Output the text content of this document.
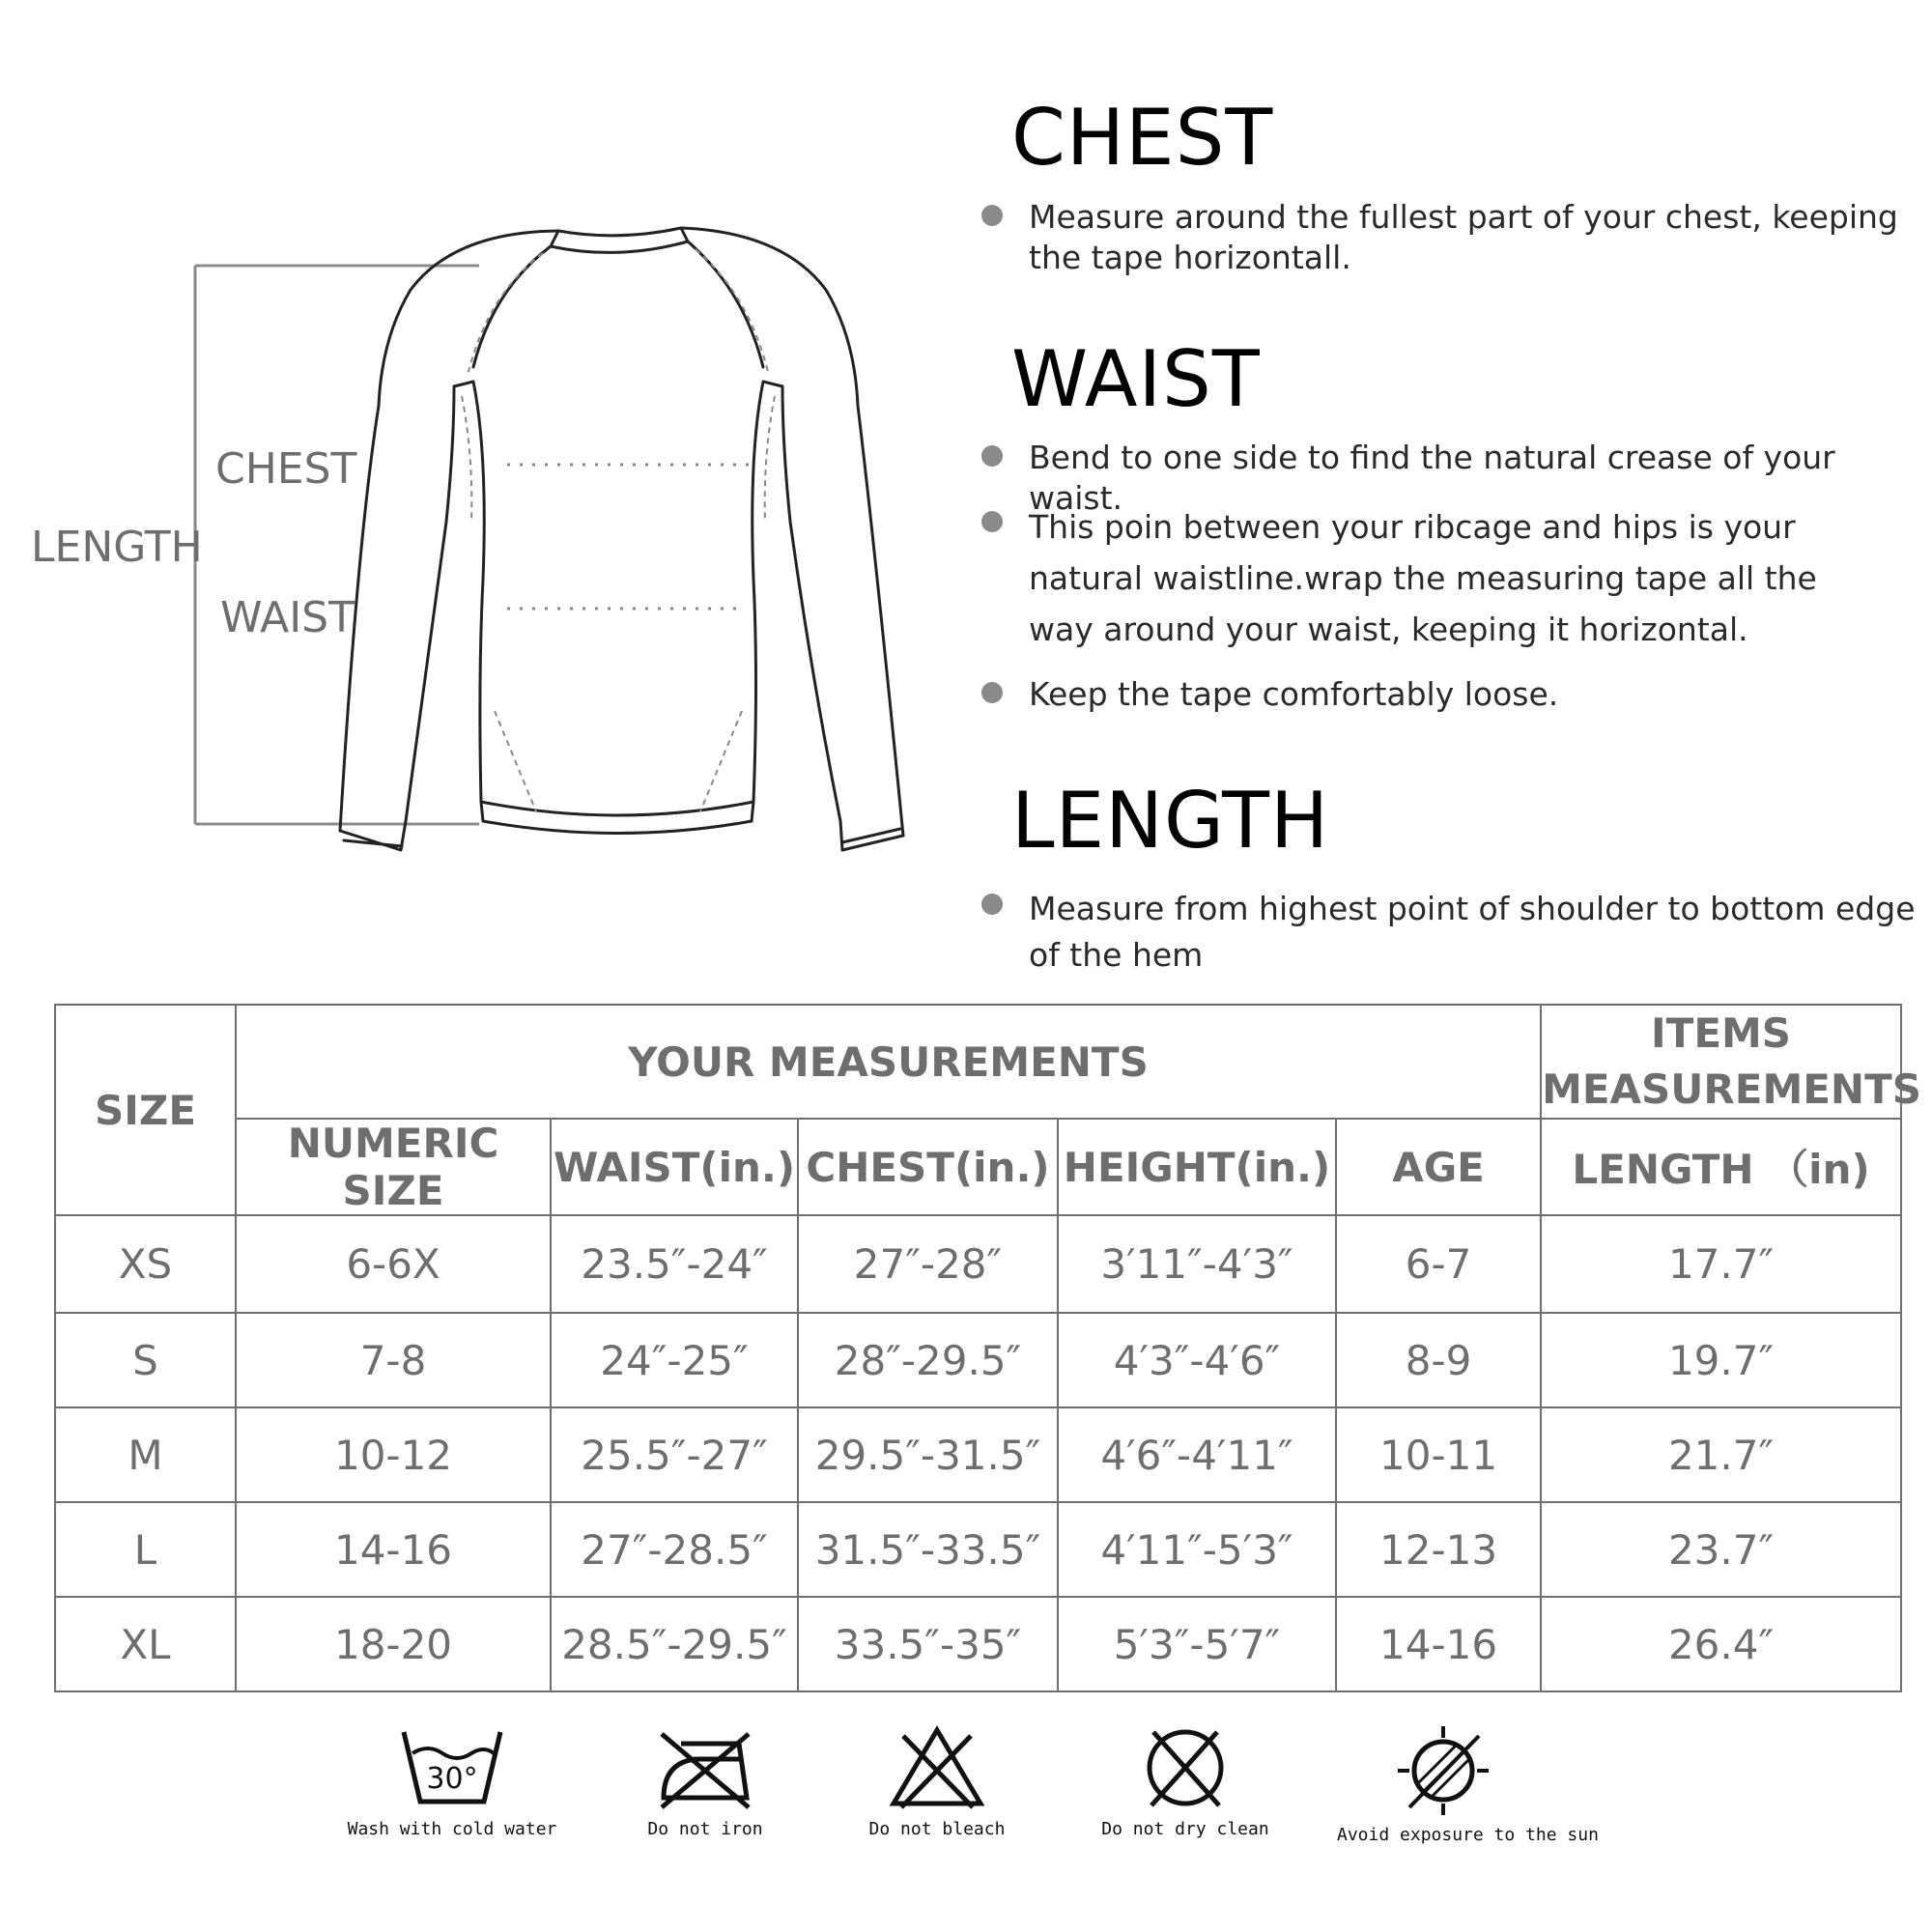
LENGTH
CHEST
WAIST
CHEST
Measure around the fullest part of your chest, keeping the tape horizontall.
WAIST
Bend to one side to find the natural crease of your waist.
This poin between your ribcage and hips is your natural waistline.wrap the measuring tape all the way around your waist, keeping it horizontal.
Keep the tape comfortably loose.
LENGTH
Measure from highest point of shoulder to bottom edge of the hem
SIZE	YOUR MEASUREMENTS					ITEMS MEASUREMENTS
	NUMERIC SIZE	WAIST(in.)	CHEST(in.)	HEIGHT(in.)	AGE	LENGTH （in)
XS	6-6X	23.5″-24″	27″-28″	3′11″-4′3″	6-7	17.7″
S	7-8	24″-25″	28″-29.5″	4′3″-4′6″	8-9	19.7″
M	10-12	25.5″-27″	29.5″-31.5″	4′6″-4′11″	10-11	21.7″
L	14-16	27″-28.5″	31.5″-33.5″	4′11″-5′3″	12-13	23.7″
XL	18-20	28.5″-29.5″	33.5″-35″	5′3″-5′7″	14-16	26.4″
30°
Wash with cold water	Do not iron	Do not bleach	Do not dry clean	Avoid exposure to the sun
